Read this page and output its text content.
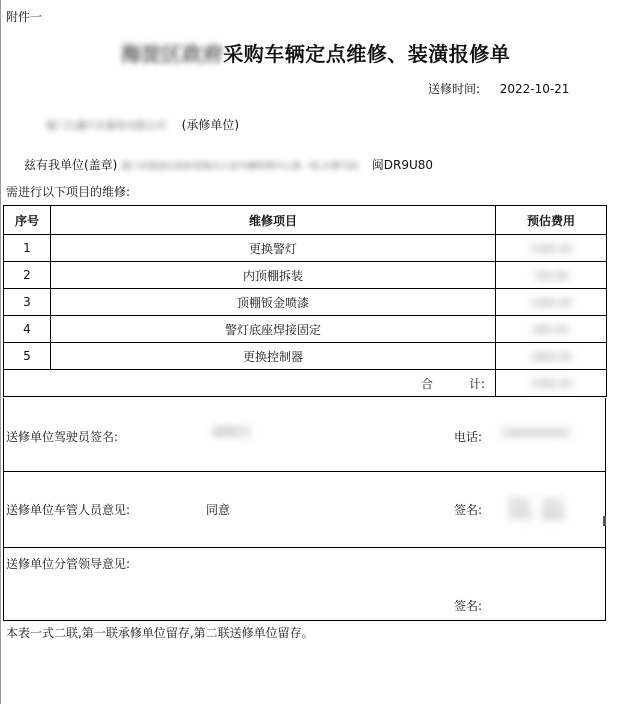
附件一
海淀区政府采购车辆定点维修、装潢报修单
送修时间: 2022-10-21
厦门久鑫汽车服务有限公司 (承修单位)
兹有我单位(盖章) 厦门市海沧区政府采购办公室车辆管理中心第一组,车牌号码 闽DR9U80
需进行以下项目的维修:
序号	维修项目	预估费用
1	更换警灯	2300.00
2	内顶棚拆装	700.00
3	顶棚钣金喷漆	1000.00
4	警灯底座焊接固定	800.00
5	更换控制器	1800.00
合 计:		7000.00
送修单位驾驶员签名:	林明川	电话: 13600000092
送修单位车管人员意见:	同意	签名: 陈磊
送修单位分管领导意见:
签名:
本表一式二联,第一联承修单位留存,第二联送修单位留存。
